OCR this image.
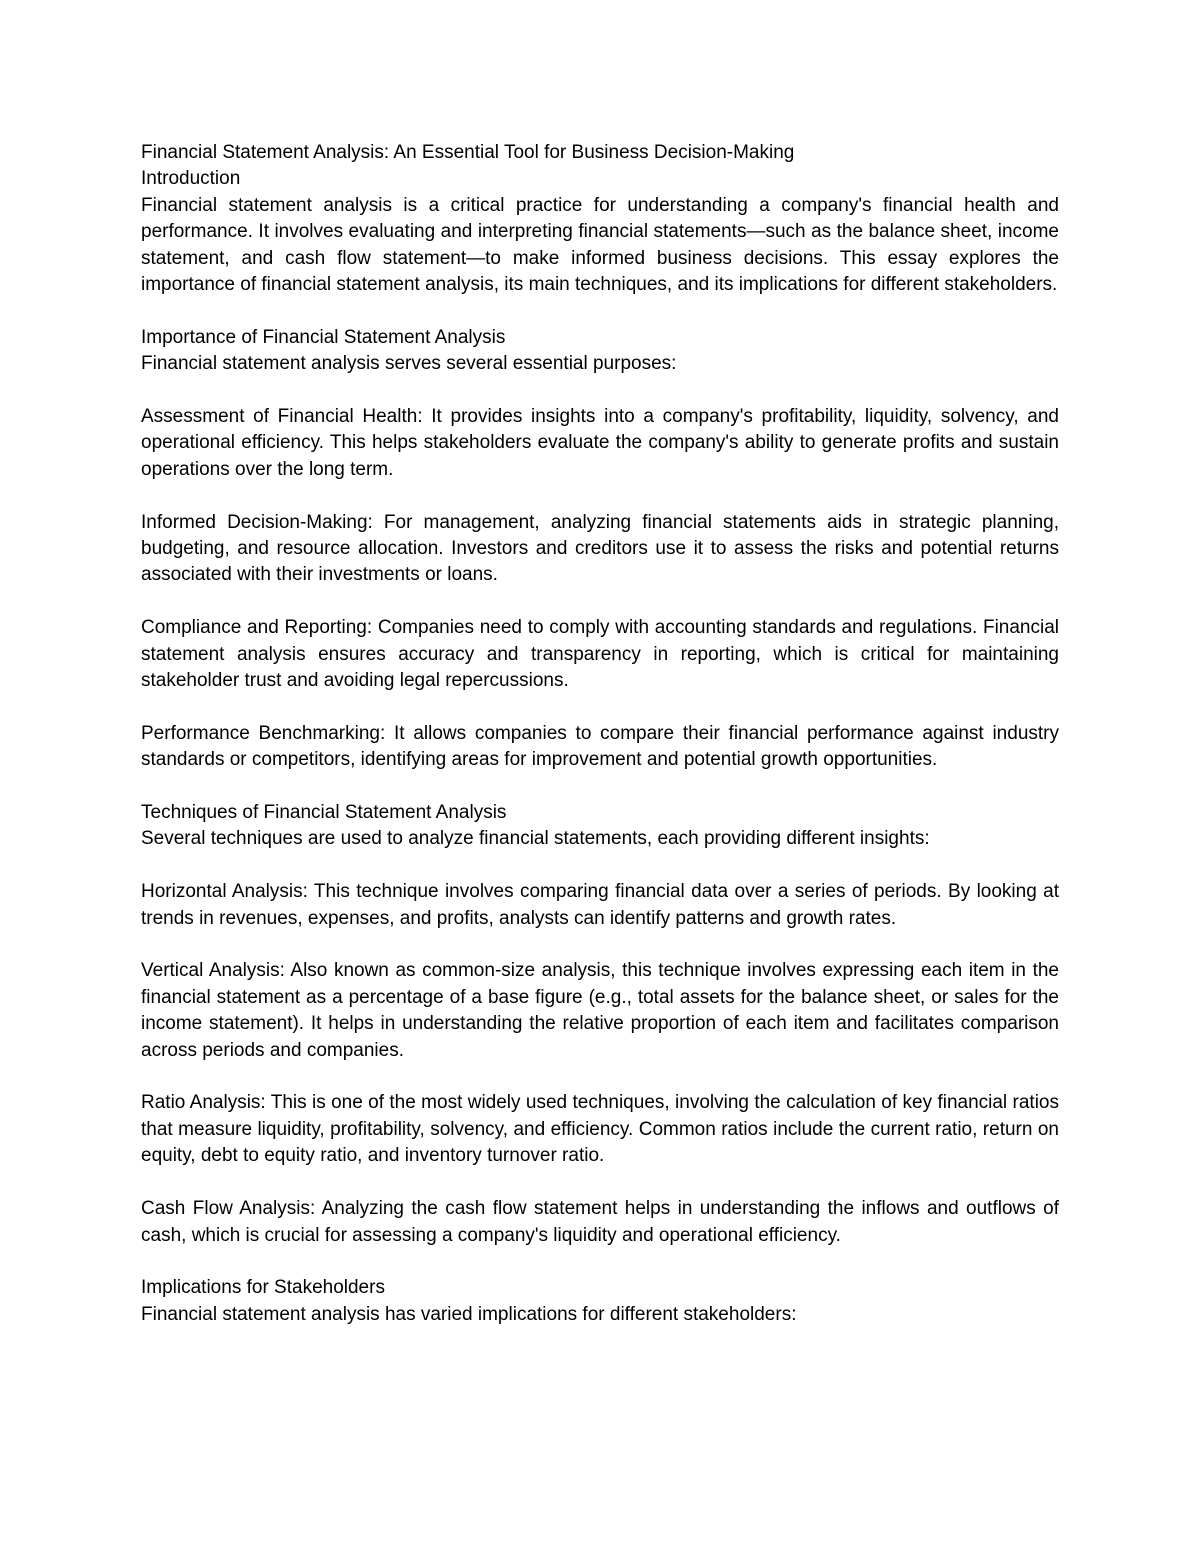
Financial Statement Analysis: An Essential Tool for Business Decision-Making

Introduction

Financial statement analysis is a critical practice for understanding a company's financial health and performance. It involves evaluating and interpreting financial statements—such as the balance sheet, income statement, and cash flow statement—to make informed business decisions. This essay explores the importance of financial statement analysis, its main techniques, and its implications for different stakeholders.

Importance of Financial Statement Analysis

Financial statement analysis serves several essential purposes:

Assessment of Financial Health: It provides insights into a company's profitability, liquidity, solvency, and operational efficiency. This helps stakeholders evaluate the company's ability to generate profits and sustain operations over the long term.

Informed Decision-Making: For management, analyzing financial statements aids in strategic planning, budgeting, and resource allocation. Investors and creditors use it to assess the risks and potential returns associated with their investments or loans.

Compliance and Reporting: Companies need to comply with accounting standards and regulations. Financial statement analysis ensures accuracy and transparency in reporting, which is critical for maintaining stakeholder trust and avoiding legal repercussions.

Performance Benchmarking: It allows companies to compare their financial performance against industry standards or competitors, identifying areas for improvement and potential growth opportunities.

Techniques of Financial Statement Analysis

Several techniques are used to analyze financial statements, each providing different insights:

Horizontal Analysis: This technique involves comparing financial data over a series of periods. By looking at trends in revenues, expenses, and profits, analysts can identify patterns and growth rates.

Vertical Analysis: Also known as common-size analysis, this technique involves expressing each item in the financial statement as a percentage of a base figure (e.g., total assets for the balance sheet, or sales for the income statement). It helps in understanding the relative proportion of each item and facilitates comparison across periods and companies.

Ratio Analysis: This is one of the most widely used techniques, involving the calculation of key financial ratios that measure liquidity, profitability, solvency, and efficiency. Common ratios include the current ratio, return on equity, debt to equity ratio, and inventory turnover ratio.

Cash Flow Analysis: Analyzing the cash flow statement helps in understanding the inflows and outflows of cash, which is crucial for assessing a company's liquidity and operational efficiency.

Implications for Stakeholders

Financial statement analysis has varied implications for different stakeholders:
